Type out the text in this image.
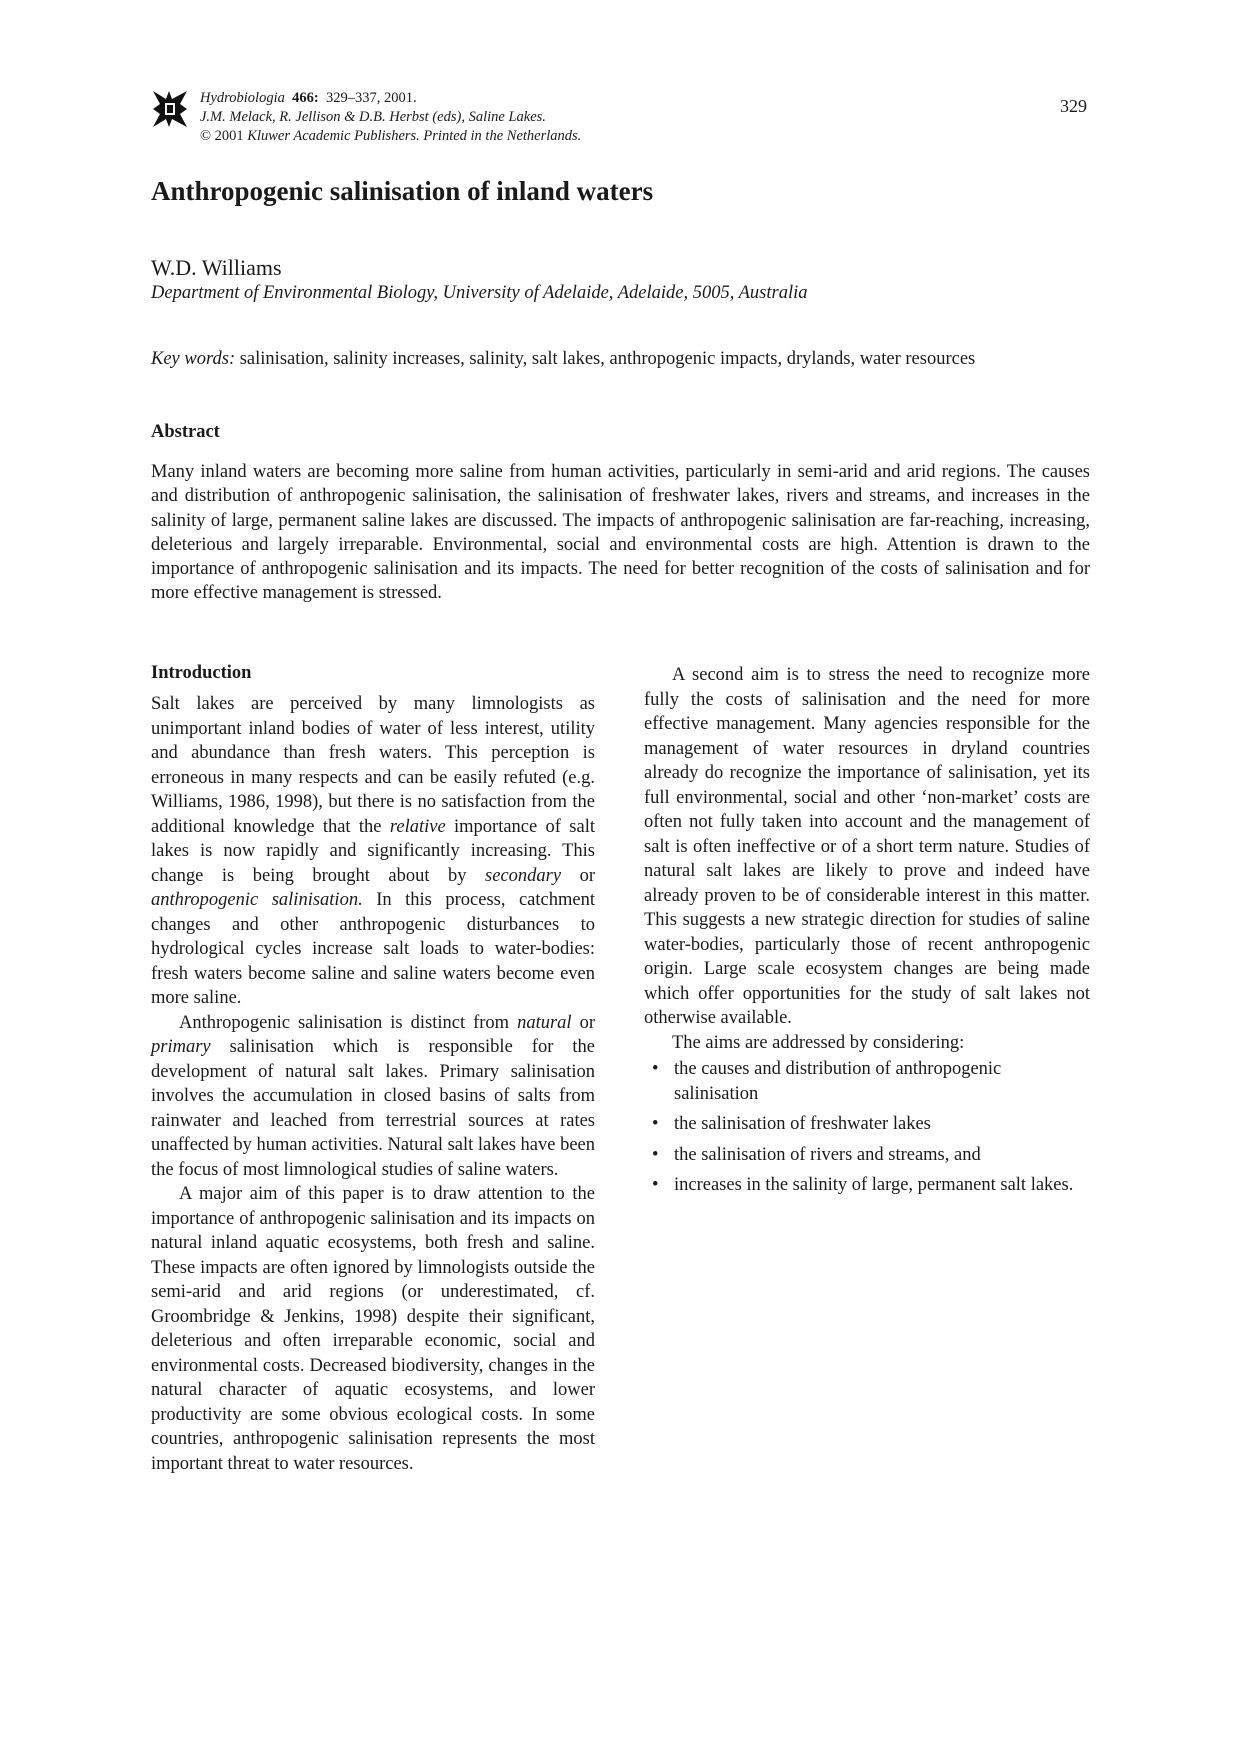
Hydrobiologia 466: 329–337, 2001.
J.M. Melack, R. Jellison & D.B. Herbst (eds), Saline Lakes.
© 2001 Kluwer Academic Publishers. Printed in the Netherlands.
329
Anthropogenic salinisation of inland waters
W.D. Williams
Department of Environmental Biology, University of Adelaide, Adelaide, 5005, Australia
Key words: salinisation, salinity increases, salinity, salt lakes, anthropogenic impacts, drylands, water resources
Abstract

Many inland waters are becoming more saline from human activities, particularly in semi-arid and arid regions. The causes and distribution of anthropogenic salinisation, the salinisation of freshwater lakes, rivers and streams, and increases in the salinity of large, permanent saline lakes are discussed. The impacts of anthropogenic salinisation are far-reaching, increasing, deleterious and largely irreparable. Environmental, social and environmental costs are high. Attention is drawn to the importance of anthropogenic salinisation and its impacts. The need for better recognition of the costs of salinisation and for more effective management is stressed.

Introduction

Salt lakes are perceived by many limnologists as unimportant inland bodies of water of less interest, utility and abundance than fresh waters. This perception is erroneous in many respects and can be easily refuted (e.g. Williams, 1986, 1998), but there is no satisfaction from the additional knowledge that the relative importance of salt lakes is now rapidly and significantly increasing. This change is being brought about by secondary or anthropogenic salinisation. In this process, catchment changes and other anthropogenic disturbances to hydrological cycles increase salt loads to water-bodies: fresh waters become saline and saline waters become even more saline.

Anthropogenic salinisation is distinct from natural or primary salinisation which is responsible for the development of natural salt lakes. Primary salinisation involves the accumulation in closed basins of salts from rainwater and leached from terrestrial sources at rates unaffected by human activities. Natural salt lakes have been the focus of most limnological studies of saline waters.

A major aim of this paper is to draw attention to the importance of anthropogenic salinisation and its impacts on natural inland aquatic ecosystems, both fresh and saline. These impacts are often ignored by limnologists outside the semi-arid and arid regions (or underestimated, cf. Groombridge & Jenkins, 1998) despite their significant, deleterious and often irreparable economic, social and environmental costs. Decreased biodiversity, changes in the natural character of aquatic ecosystems, and lower productivity are some obvious ecological costs. In some countries, anthropogenic salinisation represents the most important threat to water resources.

A second aim is to stress the need to recognize more fully the costs of salinisation and the need for more effective management. Many agencies responsible for the management of water resources in dryland countries already do recognize the importance of salinisation, yet its full environmental, social and other ‘non-market’ costs are often not fully taken into account and the management of salt is often ineffective or of a short term nature. Studies of natural salt lakes are likely to prove and indeed have already proven to be of considerable interest in this matter. This suggests a new strategic direction for studies of saline water-bodies, particularly those of recent anthropogenic origin. Large scale ecosystem changes are being made which offer opportunities for the study of salt lakes not otherwise available.

The aims are addressed by considering:

• the causes and distribution of anthropogenic salinisation
• the salinisation of freshwater lakes
• the salinisation of rivers and streams, and
• increases in the salinity of large, permanent salt lakes.
